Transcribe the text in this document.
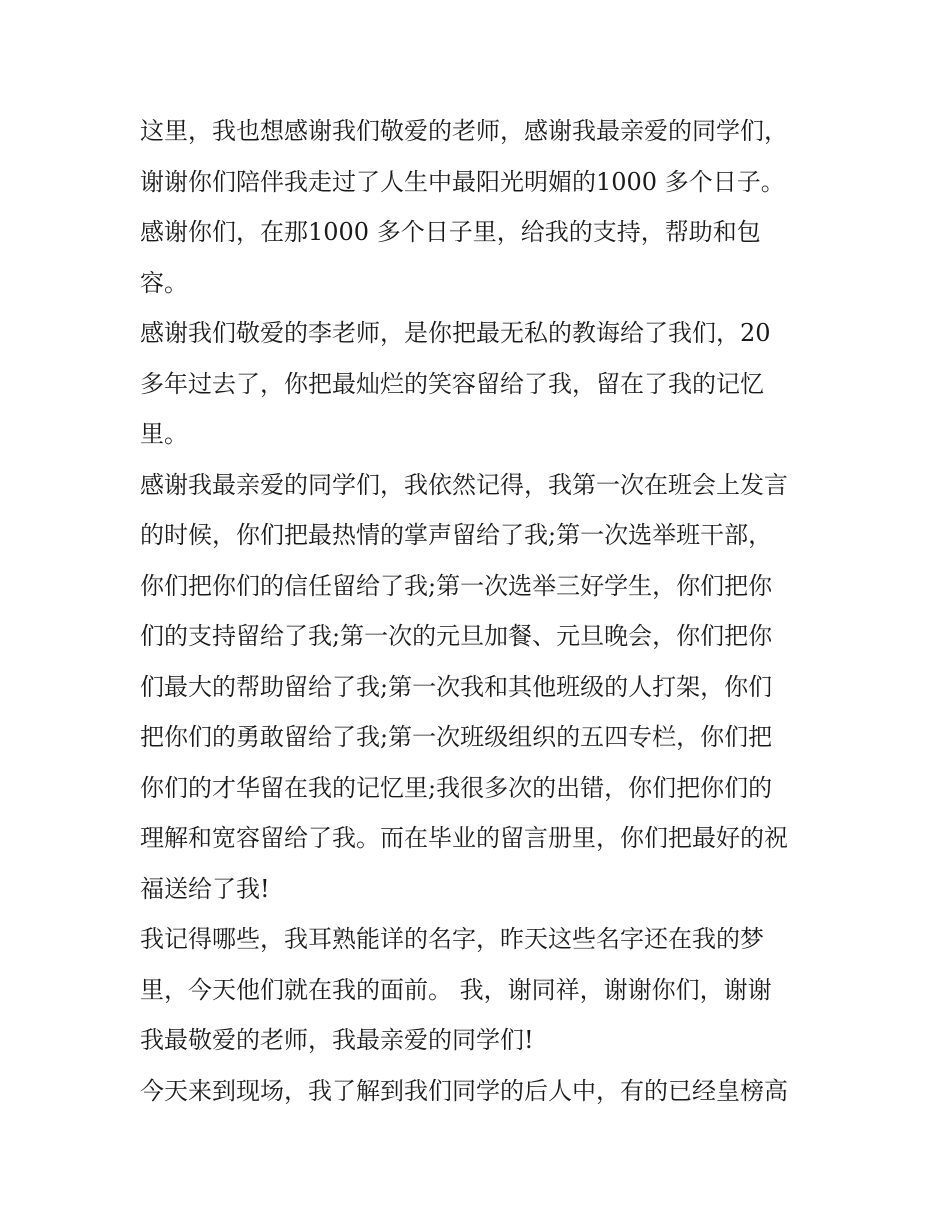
这里，我也想感谢我们敬爱的老师，感谢我最亲爱的同学们，
谢谢你们陪伴我走过了人生中最阳光明媚的1000 多个日子。
感谢你们，在那1000 多个日子里，给我的支持，帮助和包
容。
感谢我们敬爱的李老师，是你把最无私的教诲给了我们，20
多年过去了，你把最灿烂的笑容留给了我，留在了我的记忆
里。
感谢我最亲爱的同学们，我依然记得，我第一次在班会上发言
的时候，你们把最热情的掌声留给了我;第一次选举班干部，
你们把你们的信任留给了我;第一次选举三好学生，你们把你
们的支持留给了我;第一次的元旦加餐、元旦晚会，你们把你
们最大的帮助留给了我;第一次我和其他班级的人打架，你们
把你们的勇敢留给了我;第一次班级组织的五四专栏，你们把
你们的才华留在我的记忆里;我很多次的出错，你们把你们的
理解和宽容留给了我。而在毕业的留言册里，你们把最好的祝
福送给了我!
我记得哪些，我耳熟能详的名字，昨天这些名字还在我的梦
里，今天他们就在我的面前。 我，谢同祥，谢谢你们，谢谢
我最敬爱的老师，我最亲爱的同学们!
今天来到现场，我了解到我们同学的后人中，有的已经皇榜高
